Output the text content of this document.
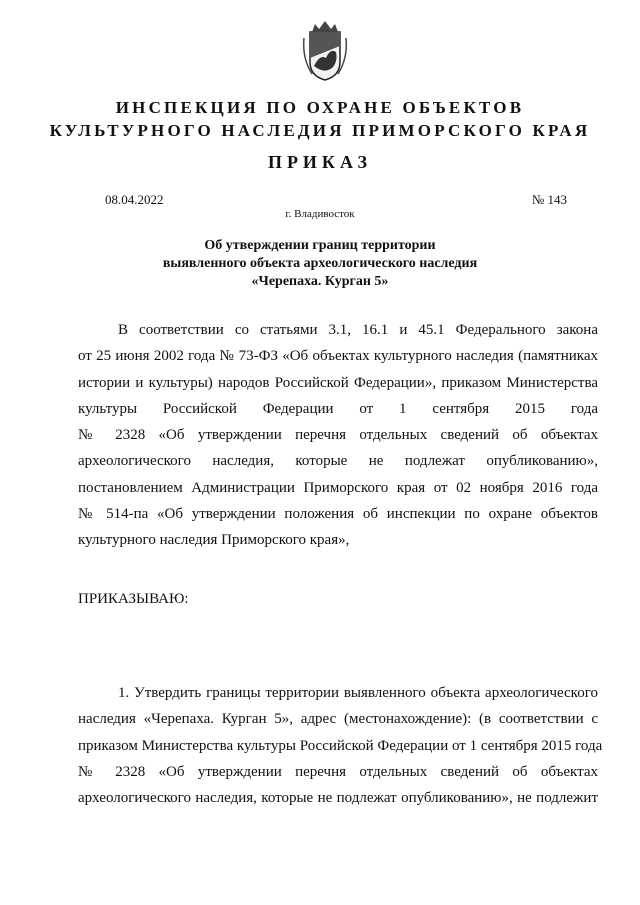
ИНСПЕКЦИЯ ПО ОХРАНЕ ОБЪЕКТОВ
КУЛЬТУРНОГО НАСЛЕДИЯ ПРИМОРСКОГО КРАЯ
ПРИКАЗ
08.04.2022	№ 143
г. Владивосток
Об утверждении границ территории
выявленного объекта археологического наследия
«Черепаха. Курган 5»
В соответствии со статьями 3.1, 16.1 и 45.1 Федерального закона
от 25 июня 2002 года № 73-ФЗ «Об объектах культурного наследия (памятниках
истории и культуры) народов Российской Федерации», приказом Министерства
культуры Российской Федерации от 1 сентября 2015 года
№ 2328 «Об утверждении перечня отдельных сведений об объектах
археологического наследия, которые не подлежат опубликованию»,
постановлением Администрации Приморского края от 02 ноября 2016 года
№ 514-па «Об утверждении положения об инспекции по охране объектов
культурного наследия Приморского края»,
ПРИКАЗЫВАЮ:
1. Утвердить границы территории выявленного объекта археологического
наследия «Черепаха. Курган 5», адрес (местонахождение): (в соответствии с
приказом Министерства культуры Российской Федерации от 1 сентября 2015 года
№ 2328 «Об утверждении перечня отдельных сведений об объектах
археологического наследия, которые не подлежат опубликованию», не подлежит
